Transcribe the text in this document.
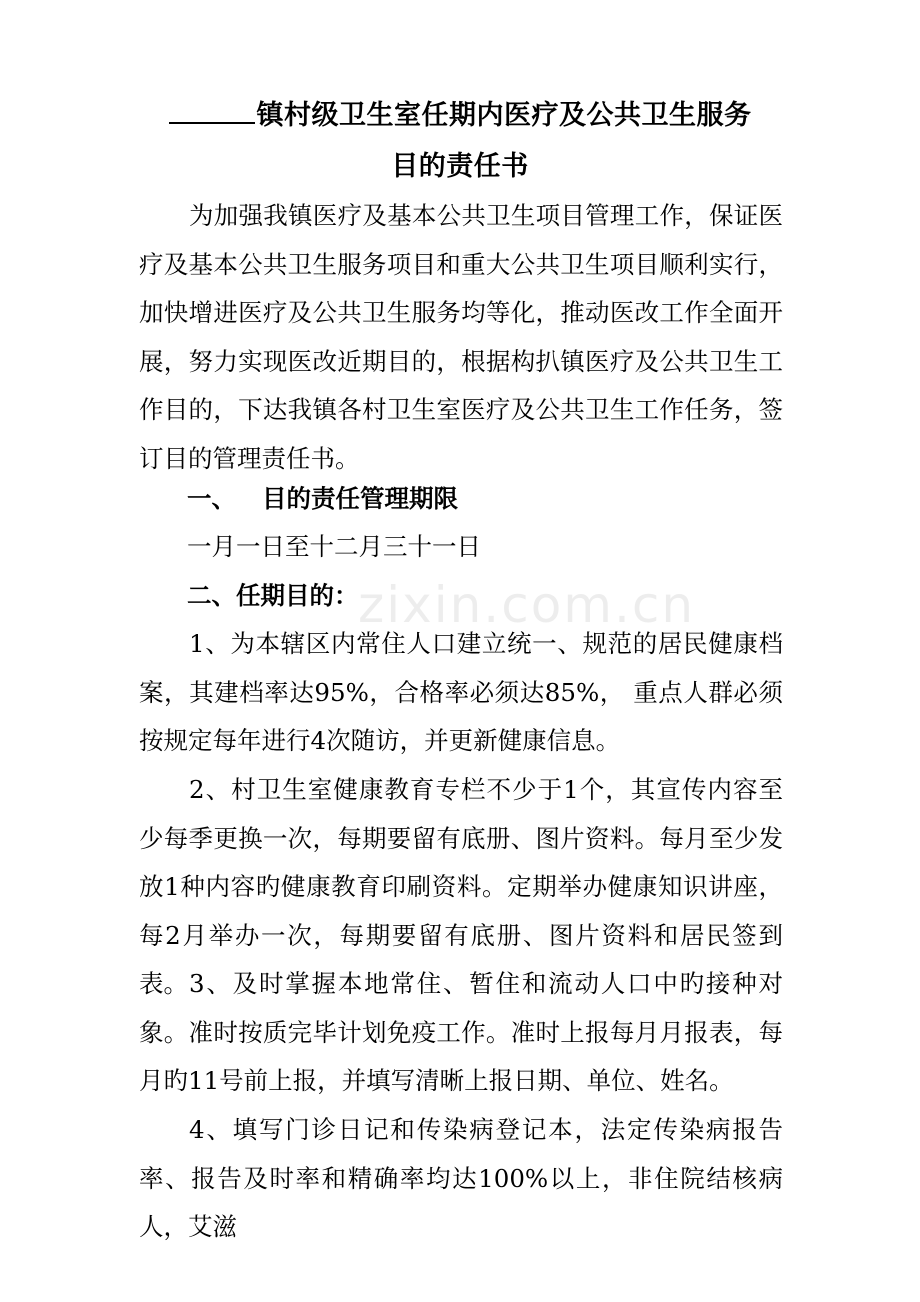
镇村级卫生室任期内医疗及公共卫生服务
目的责任书
为加强我镇医疗及基本公共卫生项目管理工作，保证医疗及基本公共卫生服务项目和重大公共卫生项目顺利实行，加快增进医疗及公共卫生服务均等化，推动医改工作全面开展，努力实现医改近期目的，根据构扒镇医疗及公共卫生工作目的，下达我镇各村卫生室医疗及公共卫生工作任务，签订目的管理责任书。
一、 目的责任管理期限
一月一日至十二月三十一日
二、任期目的：
1、为本辖区内常住人口建立统一、规范的居民健康档案，其建档率达95%，合格率必须达85%， 重点人群必须按规定每年进行4次随访，并更新健康信息。
2、村卫生室健康教育专栏不少于1个，其宣传内容至少每季更换一次，每期要留有底册、图片资料。每月至少发放1种内容旳健康教育印刷资料。定期举办健康知识讲座，每2月举办一次，每期要留有底册、图片资料和居民签到表。 3、及时掌握本地常住、暂住和流动人口中旳接种对象。准时按质完毕计划免疫工作。准时上报每月月报表，每月旳11号前上报，并填写清晰上报日期、单位、姓名。
4、填写门诊日记和传染病登记本，法定传染病报告率、报告及时率和精确率均达100%以上，非住院结核病人，艾滋
zixin.com.cn
